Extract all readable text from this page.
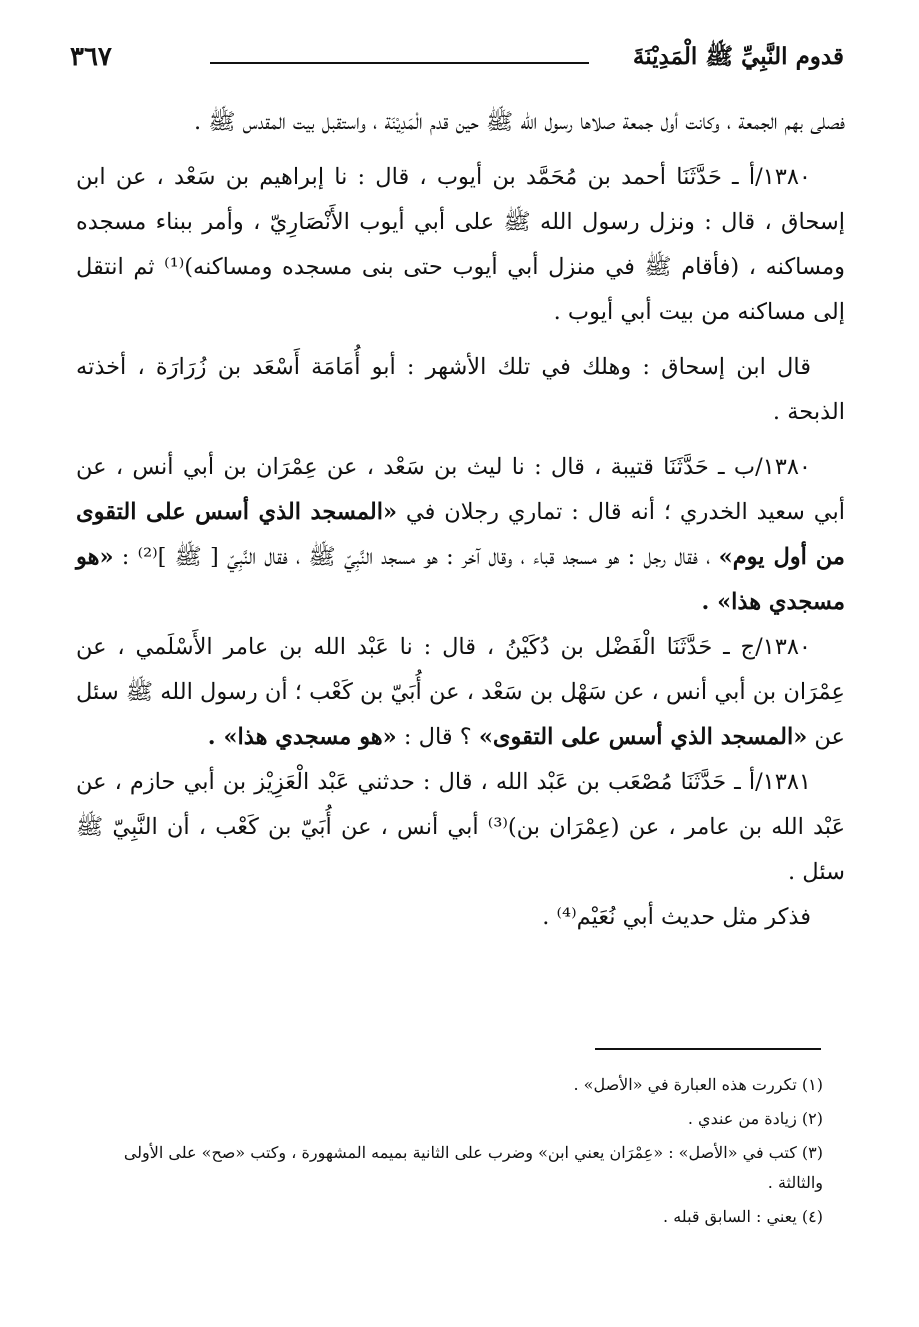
قدوم النَّبِيِّ ﷺ الْمَدِيْنَةَ
٣٦٧

فصلى بهم الجمعة ، وكانت أول جمعة صلاها رسول الله ﷺ حين قدم الْمَدِيْنَة ، واستقبل بيت المقدس ﷺ .

١٣٨٠/أ ـ حَدَّثَنَا أحمد بن مُحَمَّد بن أيوب ، قال : نا إبراهيم بن سَعْد ، عن ابن إسحاق ، قال : ونزل رسول الله ﷺ على أبي أيوب الأَنْصَارِيّ ، وأمر ببناء مسجده ومساكنه ، (فأقام ﷺ في منزل أبي أيوب حتى بنى مسجده ومساكنه)⁽¹⁾ ثم انتقل إلى مساكنه من بيت أبي أيوب .

قال ابن إسحاق : وهلك في تلك الأشهر : أبو أُمَامَة أَسْعَد بن زُرَارَة ، أخذته الذبحة .

١٣٨٠/ب ـ حَدَّثَنَا قتيبة ، قال : نا ليث بن سَعْد ، عن عِمْرَان بن أبي أنس ، عن أبي سعيد الخدري ؛ أنه قال : تماري رجلان في «المسجد الذي أسس على التقوى من أول يوم» ، فقال رجل : هو مسجد قباء ، وقال آخر : هو مسجد النَّبِيّ ﷺ ، فقال النَّبِيّ [ ﷺ ]⁽²⁾ : «هو مسجدي هذا» .

١٣٨٠/ج ـ حَدَّثَنَا الْفَضْل بن دُكَيْنُ ، قال : نا عَبْد الله بن عامر الأَسْلَمي ، عن عِمْرَان بن أبي أنس ، عن سَهْل بن سَعْد ، عن أُبَيّ بن كَعْب ؛ أن رسول الله ﷺ سئل عن «المسجد الذي أسس على التقوى» ؟ قال : «هو مسجدي هذا» .

١٣٨١/أ ـ حَدَّثَنَا مُصْعَب بن عَبْد الله ، قال : حدثني عَبْد الْعَزِيْز بن أبي حازم ، عن عَبْد الله بن عامر ، عن (عِمْرَان بن)⁽³⁾ أبي أنس ، عن أُبَيّ بن كَعْب ، أن النَّبِيّ ﷺ سئل .

فذكر مثل حديث أبي نُعَيْم⁽⁴⁾ .

(١) تكررت هذه العبارة في «الأصل» .

(٢) زيادة من عندي .

(٣) كتب في «الأصل» : «عِمْرَان يعني ابن» وضرب على الثانية بميمه المشهورة ، وكتب «صح» على الأولى والثالثة .

(٤) يعني : السابق قبله .
